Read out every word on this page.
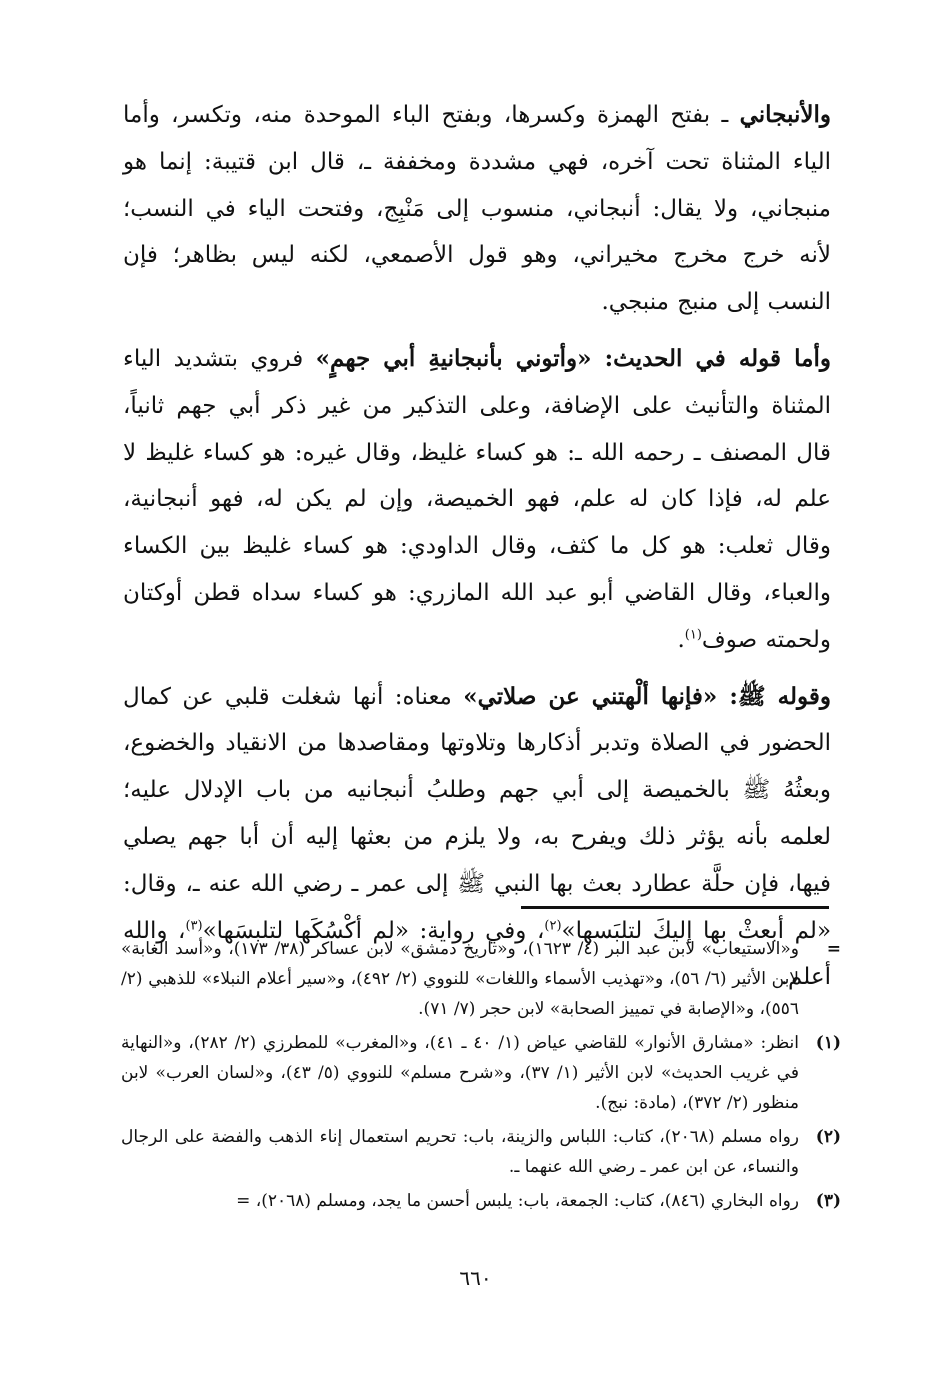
والأنبجاني ـ بفتح الهمزة وكسرها، وبفتح الباء الموحدة منه، وتكسر، وأما الياء المثناة تحت آخره، فهي مشددة ومخففة ـ، قال ابن قتيبة: إنما هو منبجاني، ولا يقال: أنبجاني، منسوب إلى مَنْبِج، وفتحت الياء في النسب؛ لأنه خرج مخرج مخيراني، وهو قول الأصمعي، لكنه ليس بظاهر؛ فإن النسب إلى منبج منبجي.

وأما قوله في الحديث: «وأتوني بأنبجانيةِ أبي جهمٍ» فروي بتشديد الياء المثناة والتأنيث على الإضافة، وعلى التذكير من غير ذكر أبي جهم ثانياً، قال المصنف ـ رحمه الله ـ: هو كساء غليظ، وقال غيره: هو كساء غليظ لا علم له، فإذا كان له علم، فهو الخميصة، وإن لم يكن له، فهو أنبجانية، وقال ثعلب: هو كل ما كثف، وقال الداودي: هو كساء غليظ بين الكساء والعباء، وقال القاضي أبو عبد الله المازري: هو كساء سداه قطن أوكتان ولحمته صوف$^{(١)}$.

وقوله ﷺ: «فإنها ألْهتني عن صلاتي» معناه: أنها شغلت قلبي عن كمال الحضور في الصلاة وتدبر أذكارها وتلاوتها ومقاصدها من الانقياد والخضوع، وبعثُهُ ﷺ بالخميصة إلى أبي جهم وطلبُ أنبجانيه من باب الإدلال عليه؛ لعلمه بأنه يؤثر ذلك ويفرح به، ولا يلزم من بعثها إليه أن أبا جهم يصلي فيها، فإن حلَّة عطارد بعث بها النبي ﷺ إلى عمر ـ رضي الله عنه ـ، وقال: «لم أبعثْ بها إليكَ لتلبَسها»$^{(٢)}$، وفي رواية: «لم أكْسُكَها لتلبسَها»$^{(٣)}$، والله أعلم.

=
و«الاستيعاب» لابن عبد البر (٤/ ١٦٢٣)، و«تاريخ دمشق» لابن عساكر (٣٨/ ١٧٣)، و«أسد الغابة» لابن الأثير (٦/ ٥٦)، و«تهذيب الأسماء واللغات» للنووي (٢/ ٤٩٢)، و«سير أعلام النبلاء» للذهبي (٢/ ٥٥٦)، و«الإصابة في تمييز الصحابة» لابن حجر (٧/ ٧١).
(١)
انظر: «مشارق الأنوار» للقاضي عياض (١/ ٤٠ ـ ٤١)، و«المغرب» للمطرزي (٢/ ٢٨٢)، و«النهاية في غريب الحديث» لابن الأثير (١/ ٣٧)، و«شرح مسلم» للنووي (٥/ ٤٣)، و«لسان العرب» لابن منظور (٢/ ٣٧٢)، (مادة: نبج).
(٢)
رواه مسلم (٢٠٦٨)، كتاب: اللباس والزينة، باب: تحريم استعمال إناء الذهب والفضة على الرجال والنساء، عن ابن عمر ـ رضي الله عنهما ـ.
(٣)
رواه البخاري (٨٤٦)، كتاب: الجمعة، باب: يلبس أحسن ما يجد، ومسلم (٢٠٦٨)، =
٦٦٠
